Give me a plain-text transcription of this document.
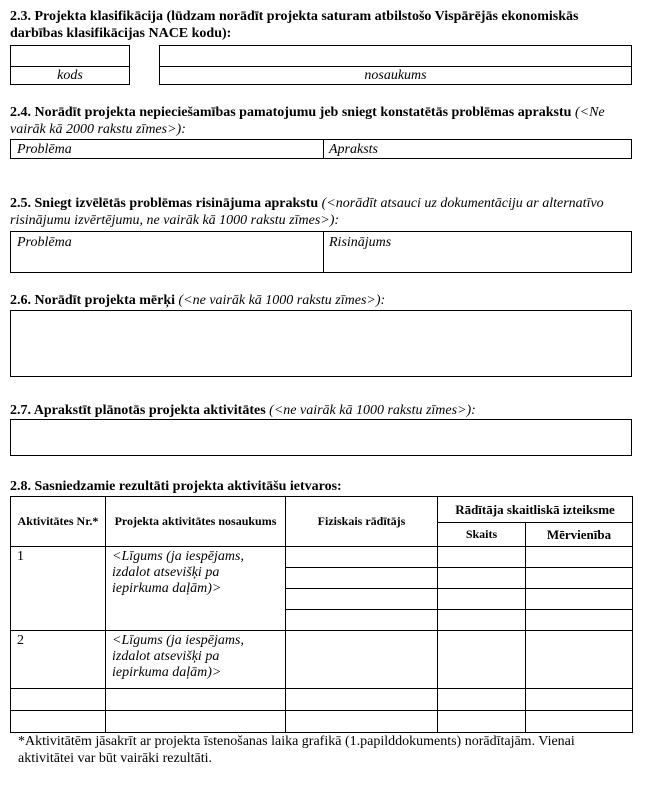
2.3. Projekta klasifikācija (lūdzam norādīt projekta saturam atbilstošo Vispārējās ekonomiskās darbības klasifikācijas NACE kodu):

kods	nosaukums

2.4. Norādīt projekta nepieciešamības pamatojumu jeb sniegt konstatētās problēmas aprakstu (<Ne vairāk kā 2000 rakstu zīmes>):

Problēma	Apraksts

2.5. Sniegt izvēlētās problēmas risinājuma aprakstu (<norādīt atsauci uz dokumentāciju ar alternatīvo risinājumu izvērtējumu, ne vairāk kā 1000 rakstu zīmes>):

Problēma	Risinājums

2.6. Norādīt projekta mērķi (<ne vairāk kā 1000 rakstu zīmes>):

2.7. Aprakstīt plānotās projekta aktivitātes (<ne vairāk kā 1000 rakstu zīmes>):

2.8. Sasniedzamie rezultāti projekta aktivitāšu ietvaros:

Aktivitātes Nr.*	Projekta aktivitātes nosaukums	Fiziskais rādītājs	Rādītāja skaitliskā izteiksme	
			Skaits	Mērvienība
1	<Līgums (ja iespējams, izdalot atsevišķi pa iepirkuma daļām)>			

2	<Līgums (ja iespējams, izdalot atsevišķi pa iepirkuma daļām)>			

*Aktivitātēm jāsakrīt ar projekta īstenošanas laika grafikā (1.papilddokuments) norādītajām. Vienai aktivitātei var būt vairāki rezultāti.
